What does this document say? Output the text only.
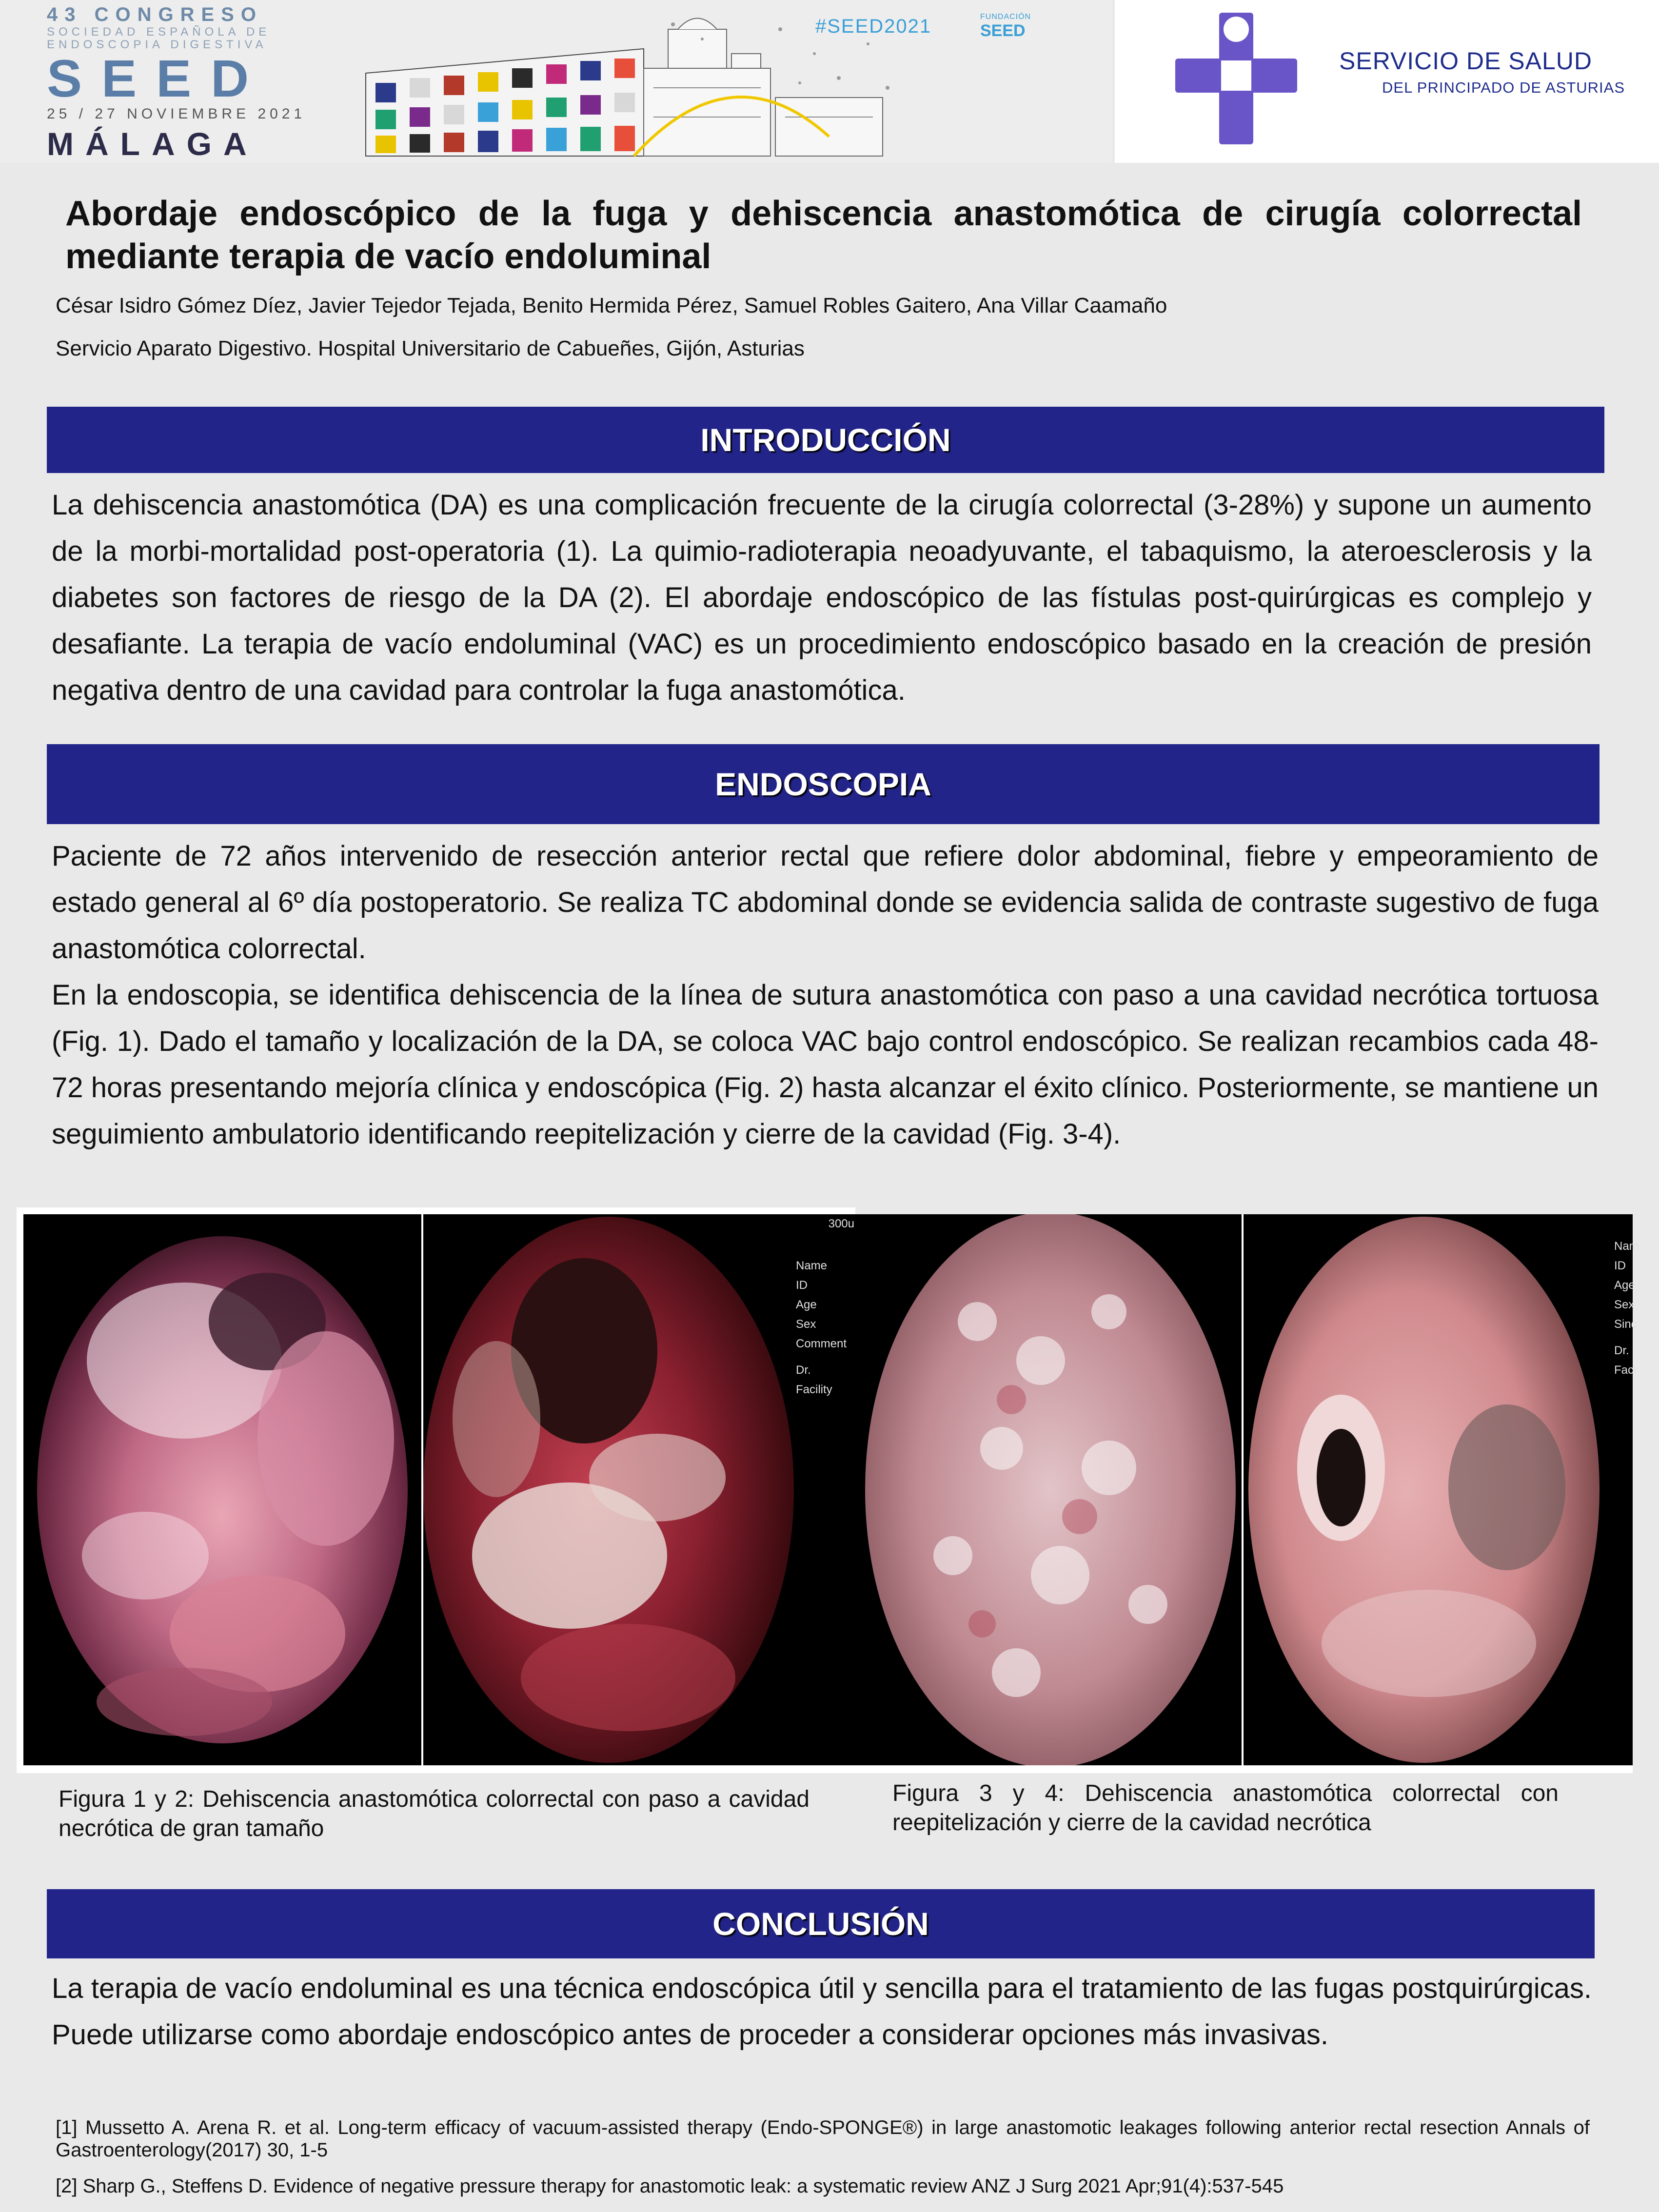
43 CONGRESO
SOCIEDAD ESPAÑOLA DE
ENDOSCOPIA DIGESTIVA
SEED
25 / 27 NOVIEMBRE 2021
MÁLAGA
#SEED2021	FUNDACIÓN
SEED
SERVICIO DE SALUD
DEL PRINCIPADO DE ASTURIAS
Abordaje endoscópico de la fuga y dehiscencia anastomótica de cirugía colorrectal mediante terapia de vacío endoluminal
César Isidro Gómez Díez, Javier Tejedor Tejada, Benito Hermida Pérez, Samuel Robles Gaitero, Ana Villar Caamaño
Servicio Aparato Digestivo. Hospital Universitario de Cabueñes, Gijón, Asturias
INTRODUCCIÓN
La dehiscencia anastomótica (DA) es una complicación frecuente de la cirugía colorrectal (3-28%) y supone un aumento de la morbi-mortalidad post-operatoria (1). La quimio-radioterapia neoadyuvante, el tabaquismo, la ateroesclerosis y la diabetes son factores de riesgo de la DA (2). El abordaje endoscópico de las fístulas post-quirúrgicas es complejo y desafiante. La terapia de vacío endoluminal (VAC) es un procedimiento endoscópico basado en la creación de presión negativa dentro de una cavidad para controlar la fuga anastomótica.
ENDOSCOPIA
Paciente de 72 años intervenido de resección anterior rectal que refiere dolor abdominal, fiebre y empeoramiento de estado general al 6º día postoperatorio. Se realiza TC abdominal donde se evidencia salida de contraste sugestivo de fuga anastomótica colorrectal.
En la endoscopia, se identifica dehiscencia de la línea de sutura anastomótica con paso a una cavidad necrótica tortuosa (Fig. 1). Dado el tamaño y localización de la DA, se coloca VAC bajo control endoscópico. Se realizan recambios cada 48-72 horas presentando mejoría clínica y endoscópica (Fig. 2) hasta alcanzar el éxito clínico. Posteriormente, se mantiene un seguimiento ambulatorio identificando reepitelización y cierre de la cavidad (Fig. 3-4).
300u
Name
ID
Age
Sex
Comment
Dr.
Facility
Nam
ID
Age
Sex
Sinc
Dr.
Faci
Figura 1 y 2: Dehiscencia anastomótica colorrectal con paso a cavidad necrótica de gran tamaño
Figura 3 y 4: Dehiscencia anastomótica colorrectal con reepitelización y cierre de la cavidad necrótica
CONCLUSIÓN
La terapia de vacío endoluminal es una técnica endoscópica útil y sencilla para el tratamiento de las fugas postquirúrgicas. Puede utilizarse como abordaje endoscópico antes de proceder a considerar opciones más invasivas.
[1] Mussetto A. Arena R. et al. Long-term efficacy of vacuum-assisted therapy (Endo-SPONGE®) in large anastomotic leakages following anterior rectal resection Annals of Gastroenterology(2017) 30, 1-5
[2] Sharp G., Steffens D. Evidence of negative pressure therapy for anastomotic leak: a systematic review ANZ J Surg 2021 Apr;91(4):537-545
